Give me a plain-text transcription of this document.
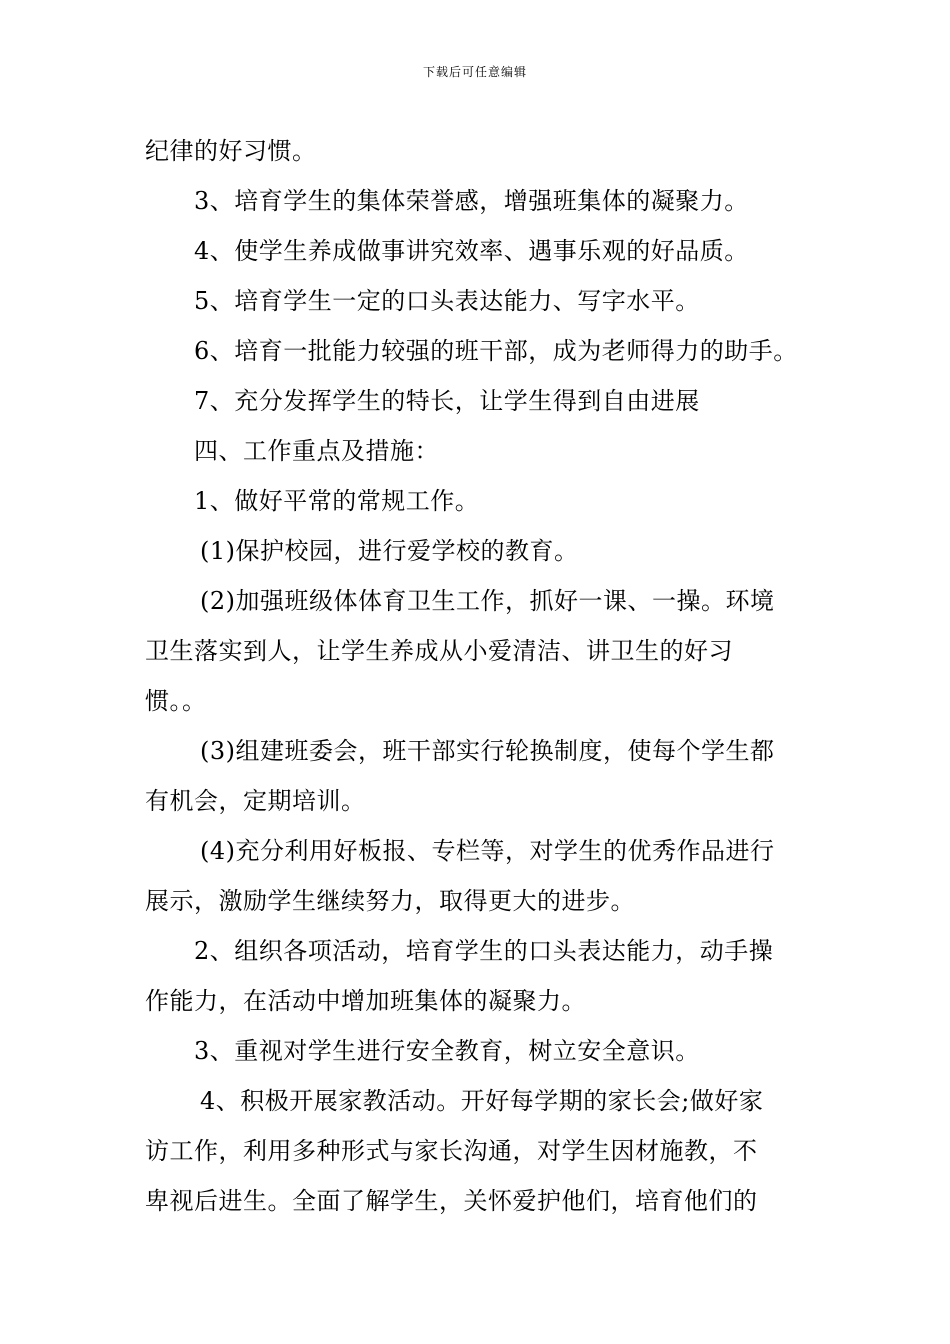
下载后可任意编辑
纪律的好习惯。
3、培育学生的集体荣誉感，增强班集体的凝聚力。
4、使学生养成做事讲究效率、遇事乐观的好品质。
5、培育学生一定的口头表达能力、写字水平。
6、培育一批能力较强的班干部，成为老师得力的助手。
7、充分发挥学生的特长，让学生得到自由进展
四、工作重点及措施：
1、做好平常的常规工作。
(1)保护校园，进行爱学校的教育。
(2)加强班级体体育卫生工作，抓好一课、一操。环境
卫生落实到人，让学生养成从小爱清洁、讲卫生的好习
惯。。
(3)组建班委会，班干部实行轮换制度，使每个学生都
有机会，定期培训。
(4)充分利用好板报、专栏等，对学生的优秀作品进行
展示，激励学生继续努力，取得更大的进步。
2、组织各项活动，培育学生的口头表达能力，动手操
作能力，在活动中增加班集体的凝聚力。
3、重视对学生进行安全教育，树立安全意识。
4、积极开展家教活动。开好每学期的家长会;做好家
访工作，利用多种形式与家长沟通，对学生因材施教，不
卑视后进生。全面了解学生，关怀爱护他们，培育他们的
